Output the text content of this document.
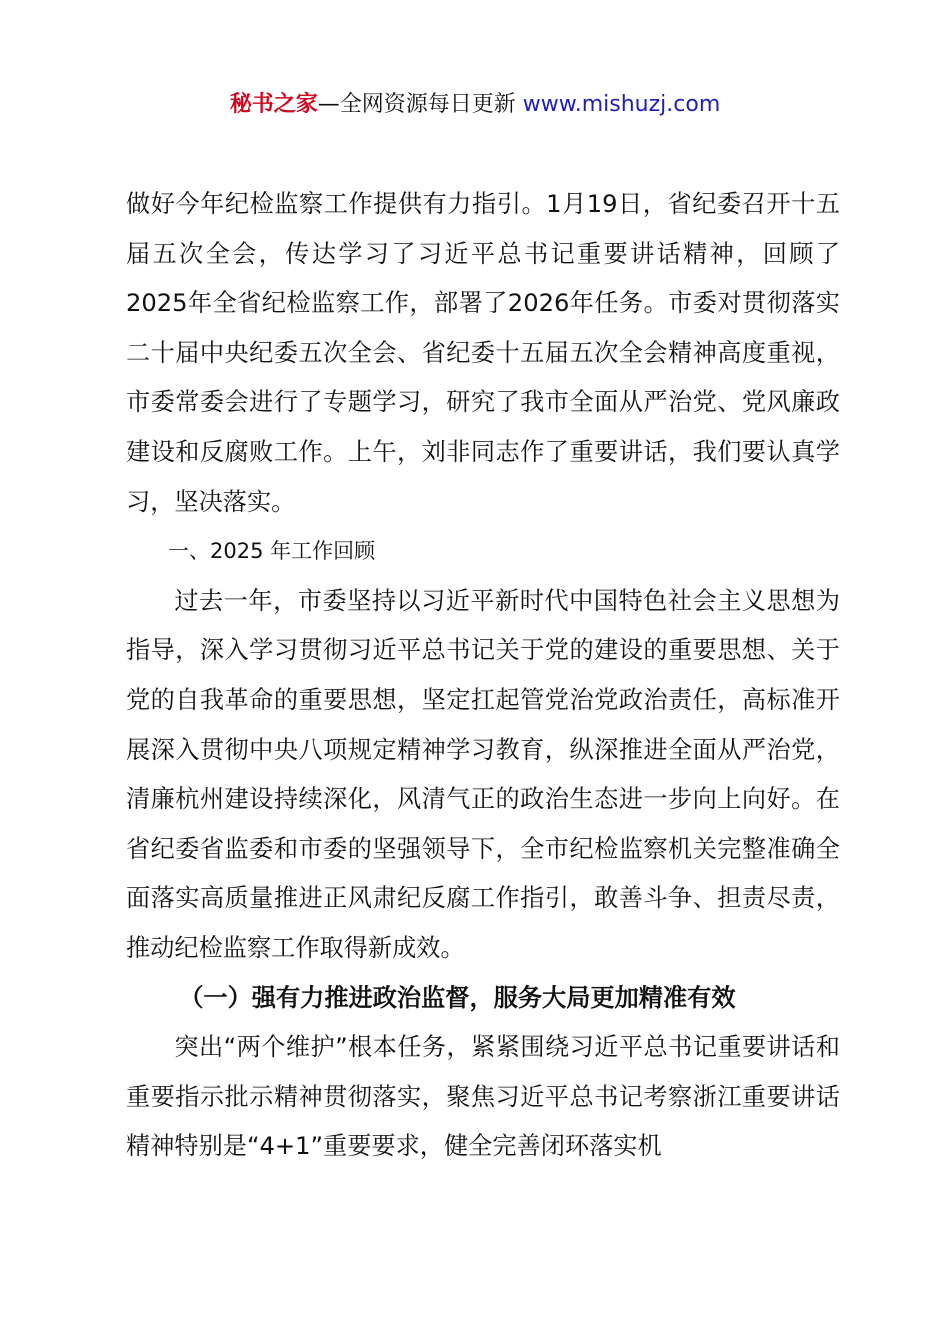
秘书之家—全网资源每日更新 www.mishuzj.com

做好今年纪检监察工作提供有力指引。1月19日，省纪委召开十五届五次全会，传达学习了习近平总书记重要讲话精神，回顾了2025年全省纪检监察工作，部署了2026年任务。市委对贯彻落实二十届中央纪委五次全会、省纪委十五届五次全会精神高度重视，市委常委会进行了专题学习，研究了我市全面从严治党、党风廉政建设和反腐败工作。上午，刘非同志作了重要讲话，我们要认真学习，坚决落实。

一、2025 年工作回顾

过去一年，市委坚持以习近平新时代中国特色社会主义思想为指导，深入学习贯彻习近平总书记关于党的建设的重要思想、关于党的自我革命的重要思想，坚定扛起管党治党政治责任，高标准开展深入贯彻中央八项规定精神学习教育，纵深推进全面从严治党，清廉杭州建设持续深化，风清气正的政治生态进一步向上向好。在省纪委省监委和市委的坚强领导下，全市纪检监察机关完整准确全面落实高质量推进正风肃纪反腐工作指引，敢善斗争、担责尽责，推动纪检监察工作取得新成效。

（一）强有力推进政治监督，服务大局更加精准有效

突出“两个维护”根本任务，紧紧围绕习近平总书记重要讲话和重要指示批示精神贯彻落实，聚焦习近平总书记考察浙江重要讲话精神特别是“4+1”重要要求，健全完善闭环落实机
